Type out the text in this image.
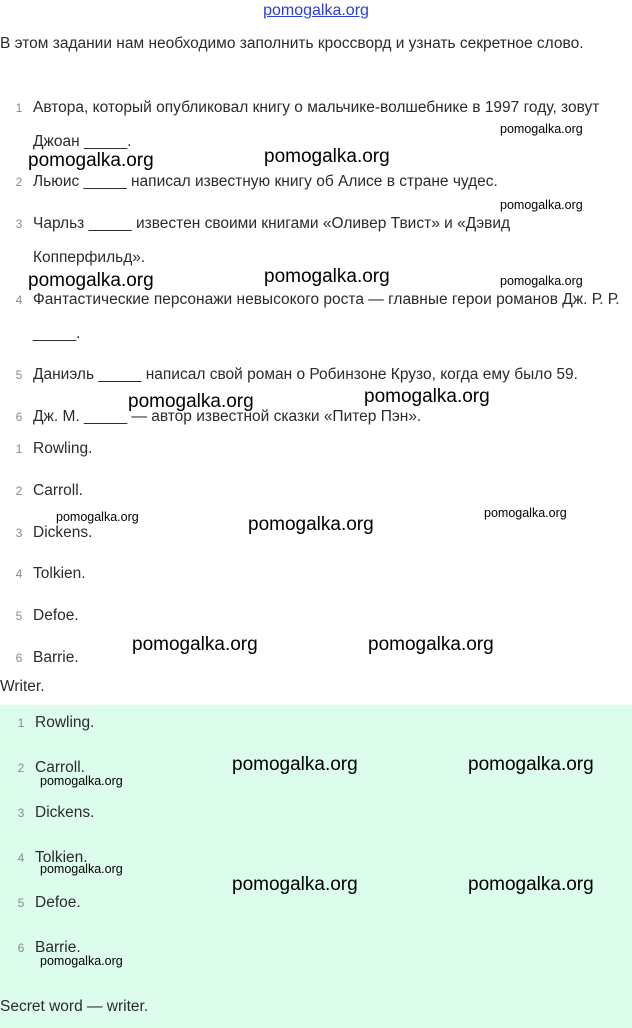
pomogalka.org
В этом задании нам необходимо заполнить кроссворд и узнать секретное слово.
1 Автора, который опубликовал книгу о мальчике-волшебнике в 1997 году, зовут Джоан _____.
2 Льюис _____ написал известную книгу об Алисе в стране чудес.
3 Чарльз _____ известен своими книгами «Оливер Твист» и «Дэвид Копперфильд».
4 Фантастические персонажи невысокого роста — главные герои романов Дж. Р. Р. _____.
5 Даниэль _____ написал свой роман о Робинзоне Крузо, когда ему было 59.
6 Дж. М. _____ — автор известной сказки «Питер Пэн».
1 Rowling.
2 Carroll.
3 Dickens.
4 Tolkien.
5 Defoe.
6 Barrie.
Writer.
1 Rowling.
2 Carroll.
3 Dickens.
4 Tolkien.
5 Defoe.
6 Barrie.
Secret word — writer.
pomogalka.org
pomogalka.org	pomogalka.org
pomogalka.org
pomogalka.org	pomogalka.org	pomogalka.org
pomogalka.org	pomogalka.org
pomogalka.org	pomogalka.org
pomogalka.org
pomogalka.org	pomogalka.org
pomogalka.org	pomogalka.org
pomogalka.org
pomogalka.org
pomogalka.org	pomogalka.org
pomogalka.org
